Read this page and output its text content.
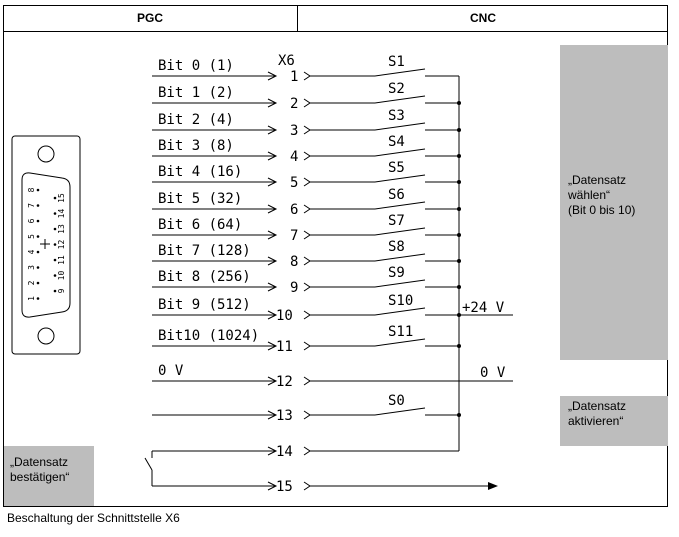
PGC	CNC
„Datensatz
wählen“
(Bit 0 bis 10)
„Datensatz
aktivieren“
„Datensatz
bestätigen“
8
7
6
5
4
3
2
1
15
14
13
12
11
10
9
X6
1
Bit 0 (1)	S1
2
Bit 1 (2)	S2
3
Bit 2 (4)	S3
4
Bit 3 (8)	S4
5
Bit 4 (16)	S5
6
Bit 5 (32)	S6
7
Bit 6 (64)	S7
8
Bit 7 (128)	S8
9
Bit 8 (256)	S9
10
Bit 9 (512)	S10
11
Bit10 (1024)	S11
12
0 V
13
S0
14
15
+24 V
0 V
Beschaltung der Schnittstelle X6
